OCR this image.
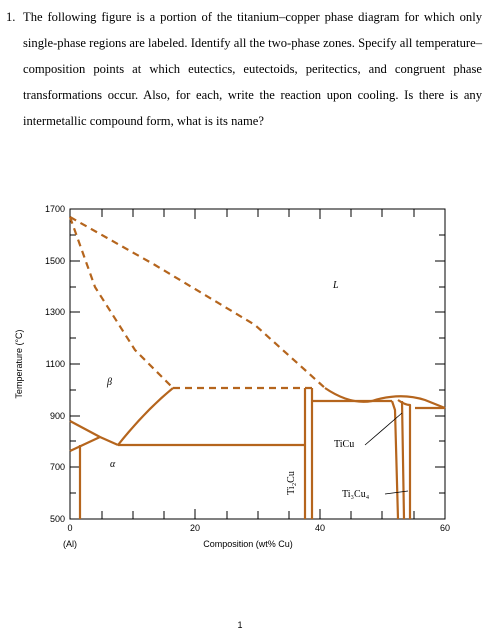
1. The following figure is a portion of the titanium–copper phase diagram for which only single-phase regions are labeled. Identify all the two-phase zones. Specify all temperature– composition points at which eutectics, eutectoids, peritectics, and congruent phase transformations occur. Also, for each, write the reaction upon cooling. Is there is any intermetallic compound form, what is its name?
1700
1500
1300
1100
900
700
500
0	20	40	60
(Al)	Composition (wt% Cu)
Temperature (°C)
L
β
α
Ti₂Cu
TiCu
Ti₃Cu₄
1
